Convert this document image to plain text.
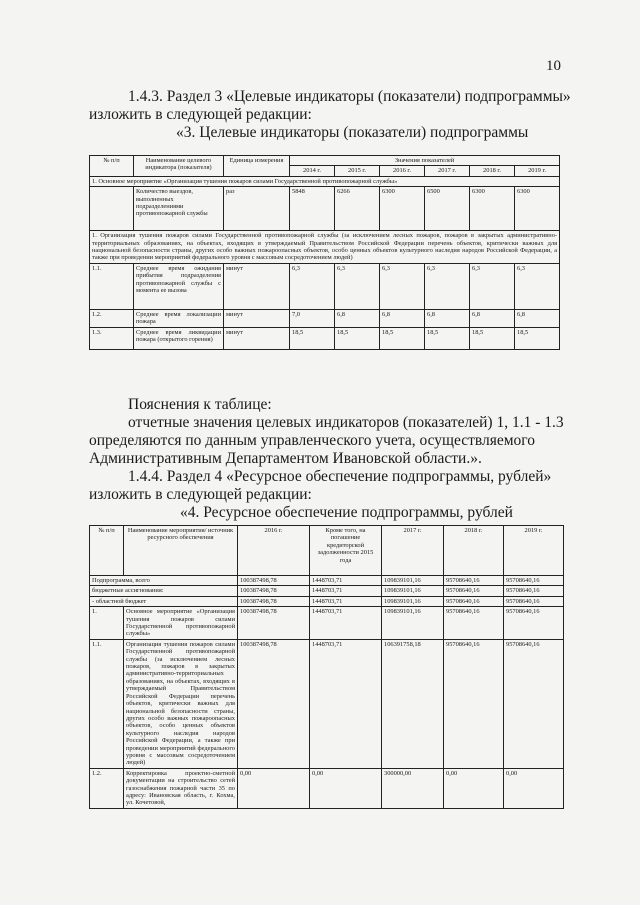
10
1.4.3. Раздел 3 «Целевые индикаторы (показатели) подпрограммы»
изложить в следующей редакции:
«3. Целевые индикаторы (показатели) подпрограммы
№ п/п	Наименование целевого индикатора (показателя)	Единица измерения	Значения показателей					
			2014 г.	2015 г.	2016 г.	2017 г.	2018 г.	2019 г.
1. Основное мероприятие «Организация тушения пожаров силами Государственной противопожарной службы»								
	Количество выездов, выполненных подразделениями противопожарной службы	раз	5848	6266	6300	6500	6300	6300
1. Организация тушения пожаров силами Государственной противопожарной службы (за исключением лесных пожаров, пожаров в закрытых административно-территориальных образованиях, на объектах, входящих в утверждаемый Правительством Российской Федерации перечень объектов, критически важных для национальной безопасности страны, других особо важных пожароопасных объектов, особо ценных объектов культурного наследия народов Российской Федерации, а также при проведении мероприятий федерального уровня с массовым сосредоточением людей)								
1.1.	Среднее время ожидания прибытия подразделения противопожарной службы с момента ее вызова	минут	6,3	6,3	6,3	6,3	6,3	6,3
1.2.	Среднее время локализации пожара	минут	7,0	6,8	6,8	6,8	6,8	6,8
1.3.	Среднее время ликвидации пожара (открытого горения)	минут	18,5	18,5	18,5	18,5	18,5	18,5
Пояснения к таблице:
отчетные значения целевых индикаторов (показателей) 1, 1.1 - 1.3
определяются по данным управленческого учета, осуществляемого
Административным Департаментом Ивановской области.».
1.4.4. Раздел 4 «Ресурсное обеспечение подпрограммы, рублей»
изложить в следующей редакции:
«4. Ресурсное обеспечение подпрограммы, рублей
№ п/п	Наименование мероприятия/ источник ресурсного обеспечения	2016 г.	Кроме того, на погашение кредиторской задолженности 2015 года	2017 г.	2018 г.	2019 г.
Подпрограмма, всего		100387498,78	1448703,71	109839101,16	95708640,16	95708640,16
бюджетные ассигнования:		100387498,78	1448703,71	109839101,16	95708640,16	95708640,16
- областной бюджет		100387498,78	1448703,71	109839101,16	95708640,16	95708640,16
1.	Основное мероприятие «Организация тушения пожаров силами Государственной противопожарной службы»	100387498,78	1448703,71	109839101,16	95708640,16	95708640,16
1.1.	Организация тушения пожаров силами Государственной противопожарной службы (за исключением лесных пожаров, пожаров в закрытых административно-территориальных образованиях, на объектах, входящих в утверждаемый Правительством Российской Федерации перечень объектов, критически важных для национальной безопасности страны, других особо важных пожароопасных объектов, особо ценных объектов культурного наследия народов Российской Федерации, а также при проведении мероприятий федерального уровня с массовым сосредоточением людей)	100387498,78	1448703,71	106391758,18	95708640,16	95708640,16
1.2.	Корректировка проектно-сметной документации на строительство сетей газоснабжения пожарной части 35 по адресу: Ивановская область, г. Кохма, ул. Кочетовой,	0,00	0,00	300000,00	0,00	0,00
